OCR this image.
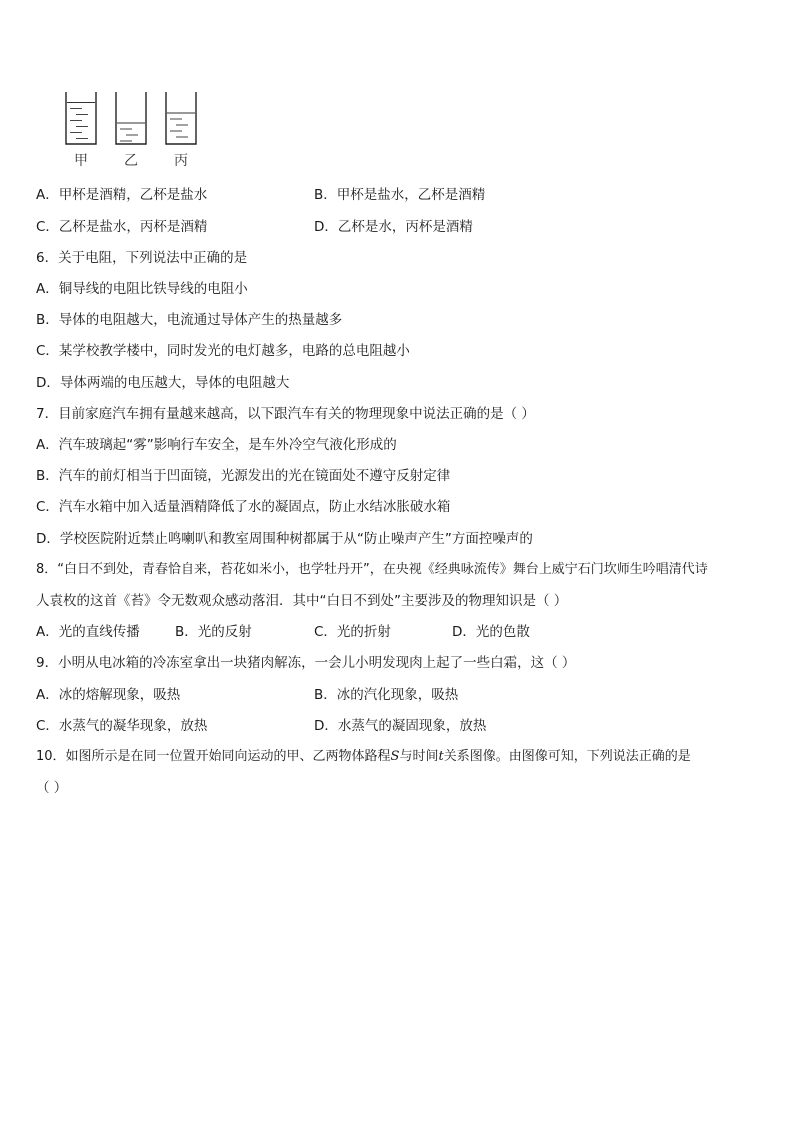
甲	乙	丙
A．甲杯是酒精，乙杯是盐水	B．甲杯是盐水，乙杯是酒精
C．乙杯是盐水，丙杯是酒精	D．乙杯是水，丙杯是酒精
6．关于电阻，下列说法中正确的是
A．铜导线的电阻比铁导线的电阻小
B．导体的电阻越大，电流通过导体产生的热量越多
C．某学校教学楼中，同时发光的电灯越多，电路的总电阻越小
D．导体两端的电压越大，导体的电阻越大
7．目前家庭汽车拥有量越来越高，以下跟汽车有关的物理现象中说法正确的是（ ）
A．汽车玻璃起“雾”影响行车安全，是车外冷空气液化形成的
B．汽车的前灯相当于凹面镜，光源发出的光在镜面处不遵守反射定律
C．汽车水箱中加入适量酒精降低了水的凝固点，防止水结冰胀破水箱
D．学校医院附近禁止鸣喇叭和教室周围种树都属于从“防止噪声产生”方面控噪声的
8．“白日不到处，青春恰自来，苔花如米小，也学牡丹开”，在央视《经典咏流传》舞台上威宁石门坎师生吟唱清代诗
人袁枚的这首《苔》令无数观众感动落泪．其中“白日不到处”主要涉及的物理知识是（ ）
A．光的直线传播	B．光的反射	C．光的折射	D．光的色散
9．小明从电冰箱的冷冻室拿出一块猪肉解冻，一会儿小明发现肉上起了一些白霜，这（ ）
A．冰的熔解现象，吸热	B．冰的汽化现象，吸热
C．水蒸气的凝华现象，放热	D．水蒸气的凝固现象，放热
10．如图所示是在同一位置开始同向运动的甲、乙两物体路程S与时间t关系图像。由图像可知，下列说法正确的是
（ ）
